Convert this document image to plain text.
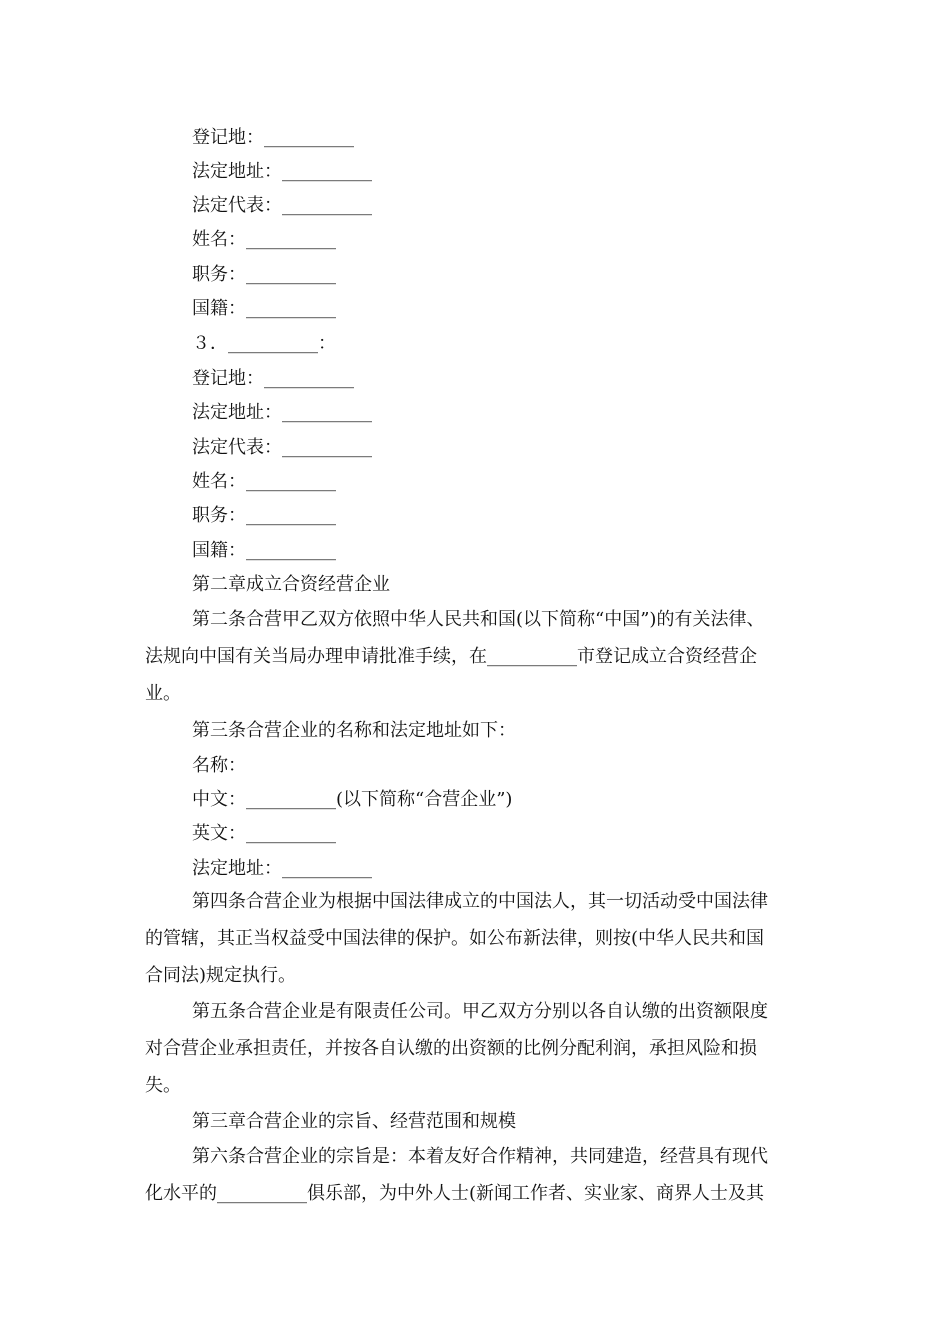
登记地：__________
法定地址：__________
法定代表：__________
姓名：__________
职务：__________
国籍：__________
３．__________：
登记地：__________
法定地址：__________
法定代表：__________
姓名：__________
职务：__________
国籍：__________
第二章成立合资经营企业
第二条合营甲乙双方依照中华人民共和国(以下简称“中国”)的有关法律、
法规向中国有关当局办理申请批准手续，在__________市登记成立合资经营企
业。
第三条合营企业的名称和法定地址如下：
名称：
中文：__________(以下简称“合营企业”)
英文：__________
法定地址：__________
第四条合营企业为根据中国法律成立的中国法人，其一切活动受中国法律
的管辖，其正当权益受中国法律的保护。如公布新法律，则按(中华人民共和国
合同法)规定执行。
第五条合营企业是有限责任公司。甲乙双方分别以各自认缴的出资额限度
对合营企业承担责任，并按各自认缴的出资额的比例分配利润，承担风险和损
失。
第三章合营企业的宗旨、经营范围和规模
第六条合营企业的宗旨是：本着友好合作精神，共同建造，经营具有现代
化水平的__________俱乐部，为中外人士(新闻工作者、实业家、商界人士及其
